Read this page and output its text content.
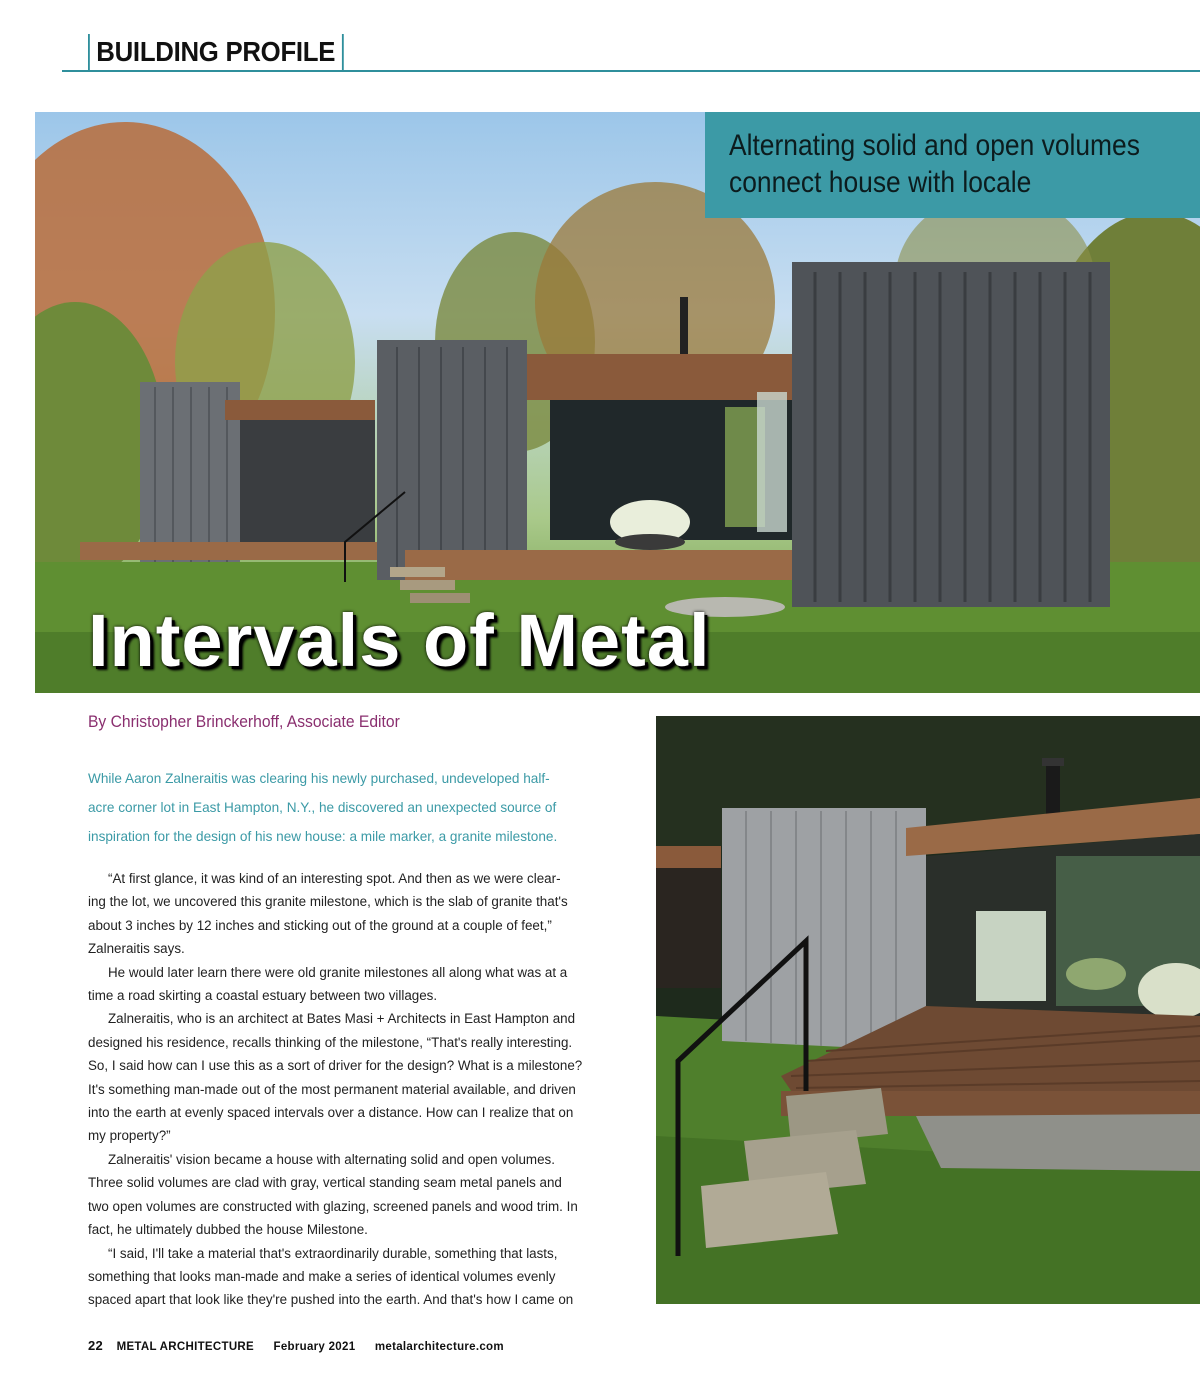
BUILDING PROFILE
Alternating solid and open volumes
connect house with locale
Intervals of Metal
By Christopher Brinckerhoff, Associate Editor
While Aaron Zalneraitis was clearing his newly purchased, undeveloped half-
acre corner lot in East Hampton, N.Y., he discovered an unexpected source of
inspiration for the design of his new house: a mile marker, a granite milestone.
“At first glance, it was kind of an interesting spot. And then as we were clear-
ing the lot, we uncovered this granite milestone, which is the slab of granite that's
about 3 inches by 12 inches and sticking out of the ground at a couple of feet,”
Zalneraitis says.
He would later learn there were old granite milestones all along what was at a
time a road skirting a coastal estuary between two villages.
Zalneraitis, who is an architect at Bates Masi + Architects in East Hampton and
designed his residence, recalls thinking of the milestone, “That's really interesting.
So, I said how can I use this as a sort of driver for the design? What is a milestone?
It's something man-made out of the most permanent material available, and driven
into the earth at evenly spaced intervals over a distance. How can I realize that on
my property?”
Zalneraitis' vision became a house with alternating solid and open volumes.
Three solid volumes are clad with gray, vertical standing seam metal panels and
two open volumes are constructed with glazing, screened panels and wood trim. In
fact, he ultimately dubbed the house Milestone.
“I said, I'll take a material that's extraordinarily durable, something that lasts,
something that looks man-made and make a series of identical volumes evenly
spaced apart that look like they're pushed into the earth. And that's how I came on
22 METAL ARCHITECTURE February 2021 metalarchitecture.com
